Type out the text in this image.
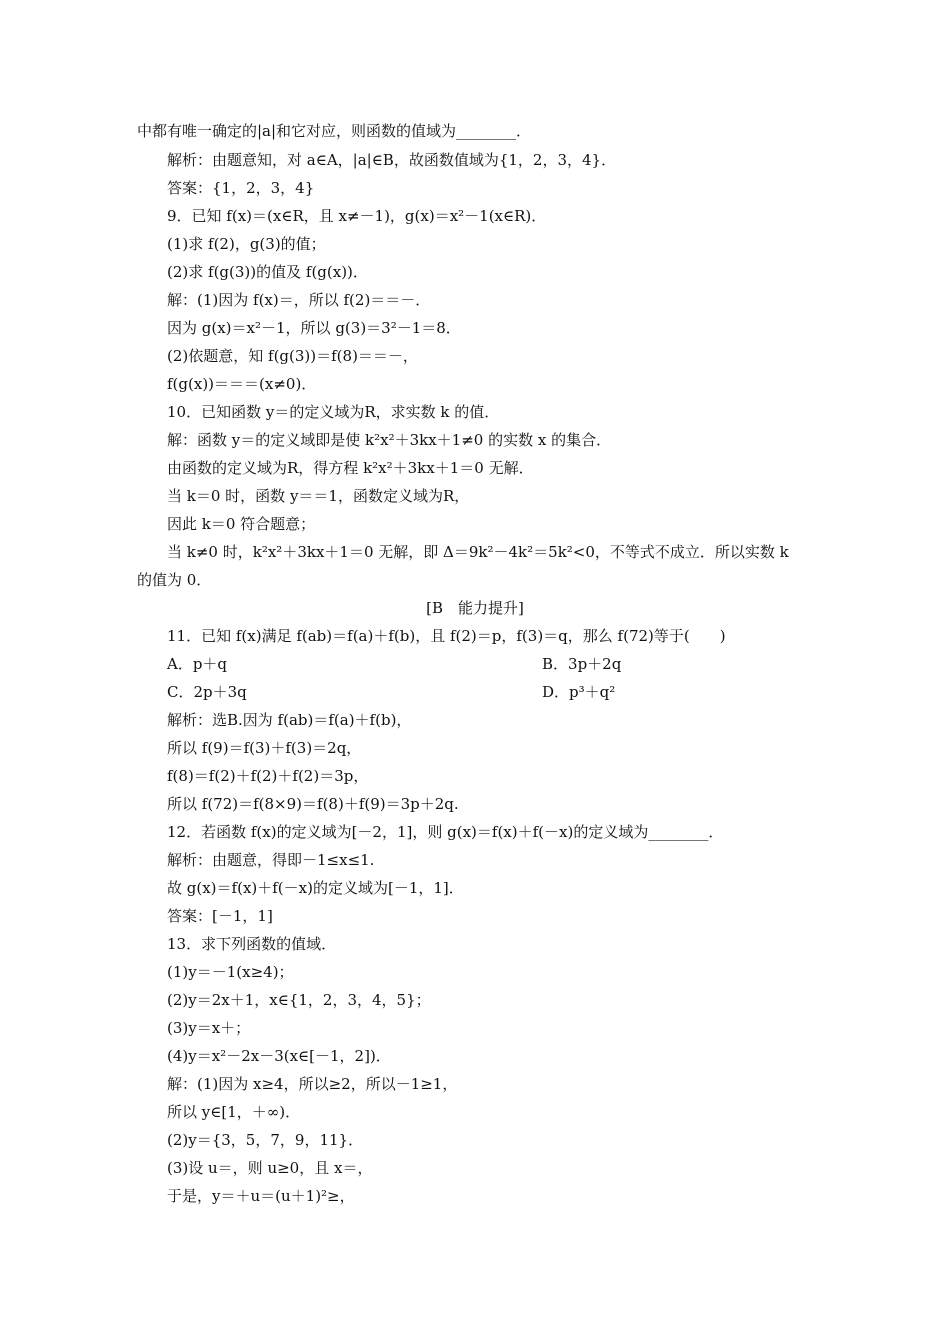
中都有唯一确定的|a|和它对应，则函数的值域为________．
解析：由题意知，对 a∈A，|a|∈B，故函数值域为{1，2，3，4}．
答案：{1，2，3，4}
9．已知 f(x)＝(x∈R，且 x≠－1)，g(x)＝x²－1(x∈R)．
(1)求 f(2)，g(3)的值；
(2)求 f(g(3))的值及 f(g(x))．
解：(1)因为 f(x)＝，所以 f(2)＝＝－．
因为 g(x)＝x²－1，所以 g(3)＝3²－1＝8．
(2)依题意，知 f(g(3))＝f(8)＝＝－，
f(g(x))＝＝＝(x≠0)．
10．已知函数 y＝的定义域为R，求实数 k 的值．
解：函数 y＝的定义域即是使 k²x²＋3kx＋1≠0 的实数 x 的集合．
由函数的定义域为R，得方程 k²x²＋3kx＋1＝0 无解．
当 k＝0 时，函数 y＝＝1，函数定义域为R，
因此 k＝0 符合题意；
当 k≠0 时，k²x²＋3kx＋1＝0 无解，即 Δ＝9k²－4k²＝5k²<0，不等式不成立．所以实数 k
的值为 0．
[B　能力提升]
11．已知 f(x)满足 f(ab)＝f(a)＋f(b)，且 f(2)＝p，f(3)＝q，那么 f(72)等于(　　)
A．p＋q	B．3p＋2q
C．2p＋3q	D．p³＋q²
解析：选B.因为 f(ab)＝f(a)＋f(b)，
所以 f(9)＝f(3)＋f(3)＝2q，
f(8)＝f(2)＋f(2)＋f(2)＝3p，
所以 f(72)＝f(8×9)＝f(8)＋f(9)＝3p＋2q.
12．若函数 f(x)的定义域为[－2，1]，则 g(x)＝f(x)＋f(－x)的定义域为________．
解析：由题意，得即－1≤x≤1.
故 g(x)＝f(x)＋f(－x)的定义域为[－1，1]．
答案：[－1，1]
13．求下列函数的值域．
(1)y＝－1(x≥4)；
(2)y＝2x＋1，x∈{1，2，3，4，5}；
(3)y＝x＋；
(4)y＝x²－2x－3(x∈[－1，2])．
解：(1)因为 x≥4，所以≥2，所以－1≥1，
所以 y∈[1，＋∞)．
(2)y＝{3，5，7，9，11}．
(3)设 u＝，则 u≥0，且 x＝，
于是，y＝＋u＝(u＋1)²≥，
